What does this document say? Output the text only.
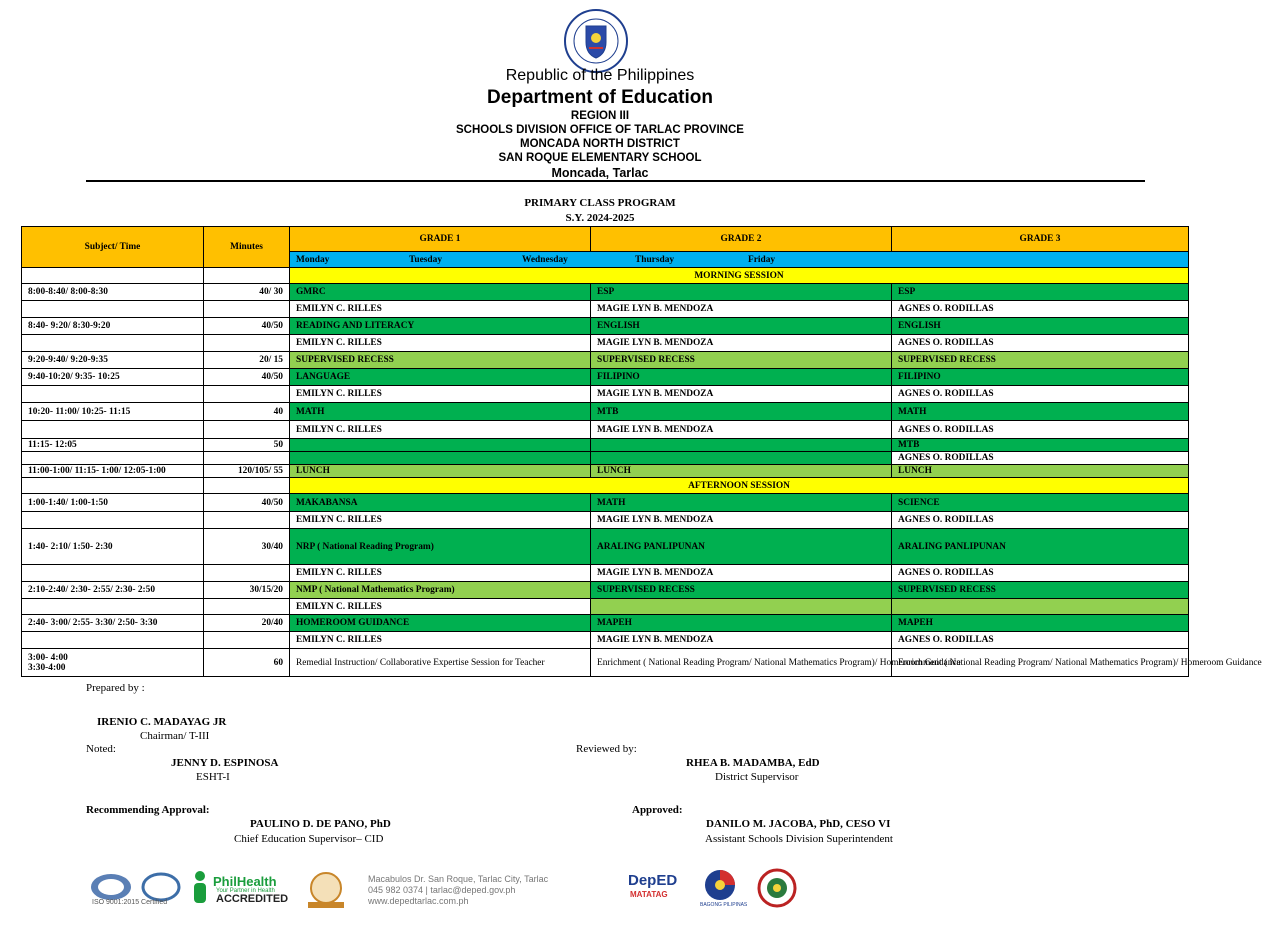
Republic of the Philippines
Department of Education
REGION III
SCHOOLS DIVISION OFFICE OF TARLAC PROVINCE
MONCADA NORTH DISTRICT
SAN ROQUE ELEMENTARY SCHOOL
Moncada, Tarlac
PRIMARY CLASS PROGRAM
S.Y. 2024-2025
Subject/ Time	Minutes	GRADE 1	GRADE 2	GRADE 3

		Monday Tuesday Wednesday Thursday Friday		

		MORNING SESSION		
8:00-8:40/ 8:00-8:30	40/ 30	GMRC	ESP	ESP
		EMILYN C. RILLES	MAGIE LYN B. MENDOZA	AGNES O. RODILLAS
8:40- 9:20/ 8:30-9:20	40/50	READING AND LITERACY	ENGLISH	ENGLISH
		EMILYN C. RILLES	MAGIE LYN B. MENDOZA	AGNES O. RODILLAS
9:20-9:40/ 9:20-9:35	20/ 15	SUPERVISED RECESS	SUPERVISED RECESS	SUPERVISED RECESS
9:40-10:20/ 9:35- 10:25	40/50	LANGUAGE	FILIPINO	FILIPINO
		EMILYN C. RILLES	MAGIE LYN B. MENDOZA	AGNES O. RODILLAS
10:20- 11:00/ 10:25- 11:15	40	MATH	MTB	MATH
		EMILYN C. RILLES	MAGIE LYN B. MENDOZA	AGNES O. RODILLAS
11:15- 12:05	50			MTB
				AGNES O. RODILLAS
11:00-1:00/ 11:15- 1:00/ 12:05-1:00	120/105/ 55	LUNCH	LUNCH	LUNCH
		AFTERNOON SESSION		
1:00-1:40/ 1:00-1:50	40/50	MAKABANSA	MATH	SCIENCE
		EMILYN C. RILLES	MAGIE LYN B. MENDOZA	AGNES O. RODILLAS
1:40- 2:10/ 1:50- 2:30	30/40	NRP ( National Reading Program)	ARALING PANLIPUNAN	ARALING PANLIPUNAN
		EMILYN C. RILLES	MAGIE LYN B. MENDOZA	AGNES O. RODILLAS
2:10-2:40/ 2:30- 2:55/ 2:30- 2:50	30/15/20	NMP ( National Mathematics Program)	SUPERVISED RECESS	SUPERVISED RECESS
		EMILYN C. RILLES		
2:40- 3:00/ 2:55- 3:30/ 2:50- 3:30	20/40	HOMEROOM GUIDANCE	MAPEH	MAPEH
		EMILYN C. RILLES	MAGIE LYN B. MENDOZA	AGNES O. RODILLAS

3:00- 4:00
3:30-4:00	60	Remedial Instruction/ Collaborative Expertise Session for Teacher	Enrichment ( National Reading Program/ National Mathematics Program)/ Homeroom Guidance	Enrichment ( National Reading Program/ National Mathematics Program)/ Homeroom Guidance
Prepared by :
IRENIO C. MADAYAG JR
Chairman/ T-III
Noted:
JENNY D. ESPINOSA
ESHT-I
Reviewed by:
RHEA B. MADAMBA, EdD
District Supervisor
Recommending Approval:
PAULINO D. DE PANO, PhD
Chief Education Supervisor– CID
Approved:
DANILO M. JACOBA, PhD, CESO VI
Assistant Schools Division Superintendent
ISO 9001:2015 Certified
PhilHealth
Your Partner in Health
ACCREDITED
Macabulos Dr. San Roque, Tarlac City, Tarlac
045 982 0374 | tarlac@deped.gov.ph
www.depedtarlac.com.ph
DepED
MATATAG
BAGONG PILIPINAS
